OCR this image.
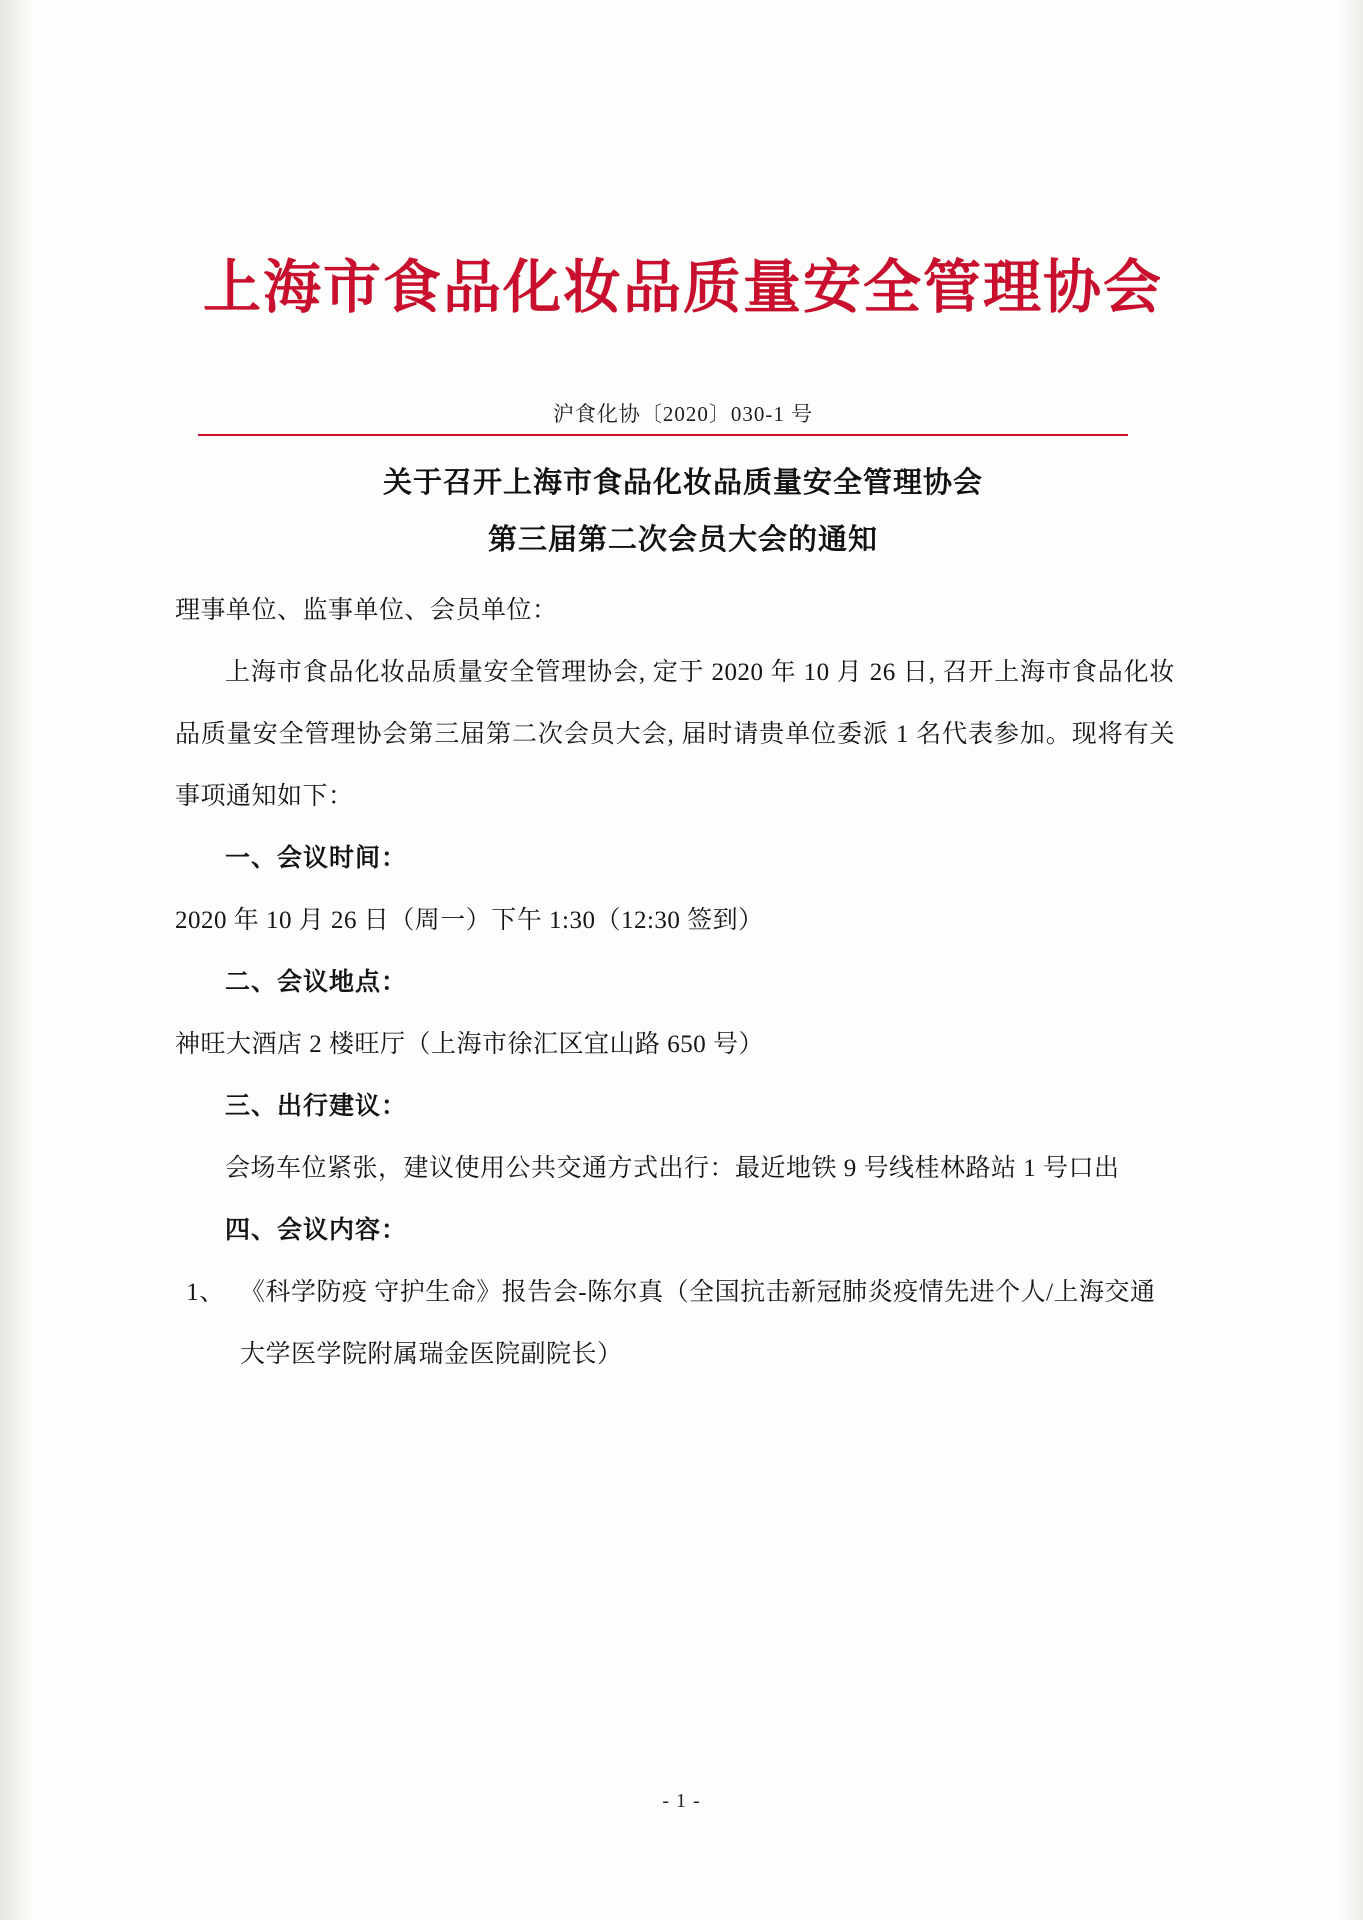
上海市食品化妆品质量安全管理协会
沪食化协〔2020〕030-1 号
关于召开上海市食品化妆品质量安全管理协会
第三届第二次会员大会的通知

理事单位、监事单位、会员单位：

上海市食品化妆品质量安全管理协会, 定于 2020 年 10 月 26 日, 召开上海市食品化妆品质量安全管理协会第三届第二次会员大会, 届时请贵单位委派 1 名代表参加。现将有关事项通知如下：

一、会议时间：

2020 年 10 月 26 日（周一）下午 1:30（12:30 签到）

二、会议地点：

神旺大酒店 2 楼旺厅（上海市徐汇区宜山路 650 号）

三、出行建议：

会场车位紧张，建议使用公共交通方式出行：最近地铁 9 号线桂林路站 1 号口出

四、会议内容：

1、 《科学防疫 守护生命》报告会-陈尔真（全国抗击新冠肺炎疫情先进个人/上海交通大学医学院附属瑞金医院副院长）

- 1 -
